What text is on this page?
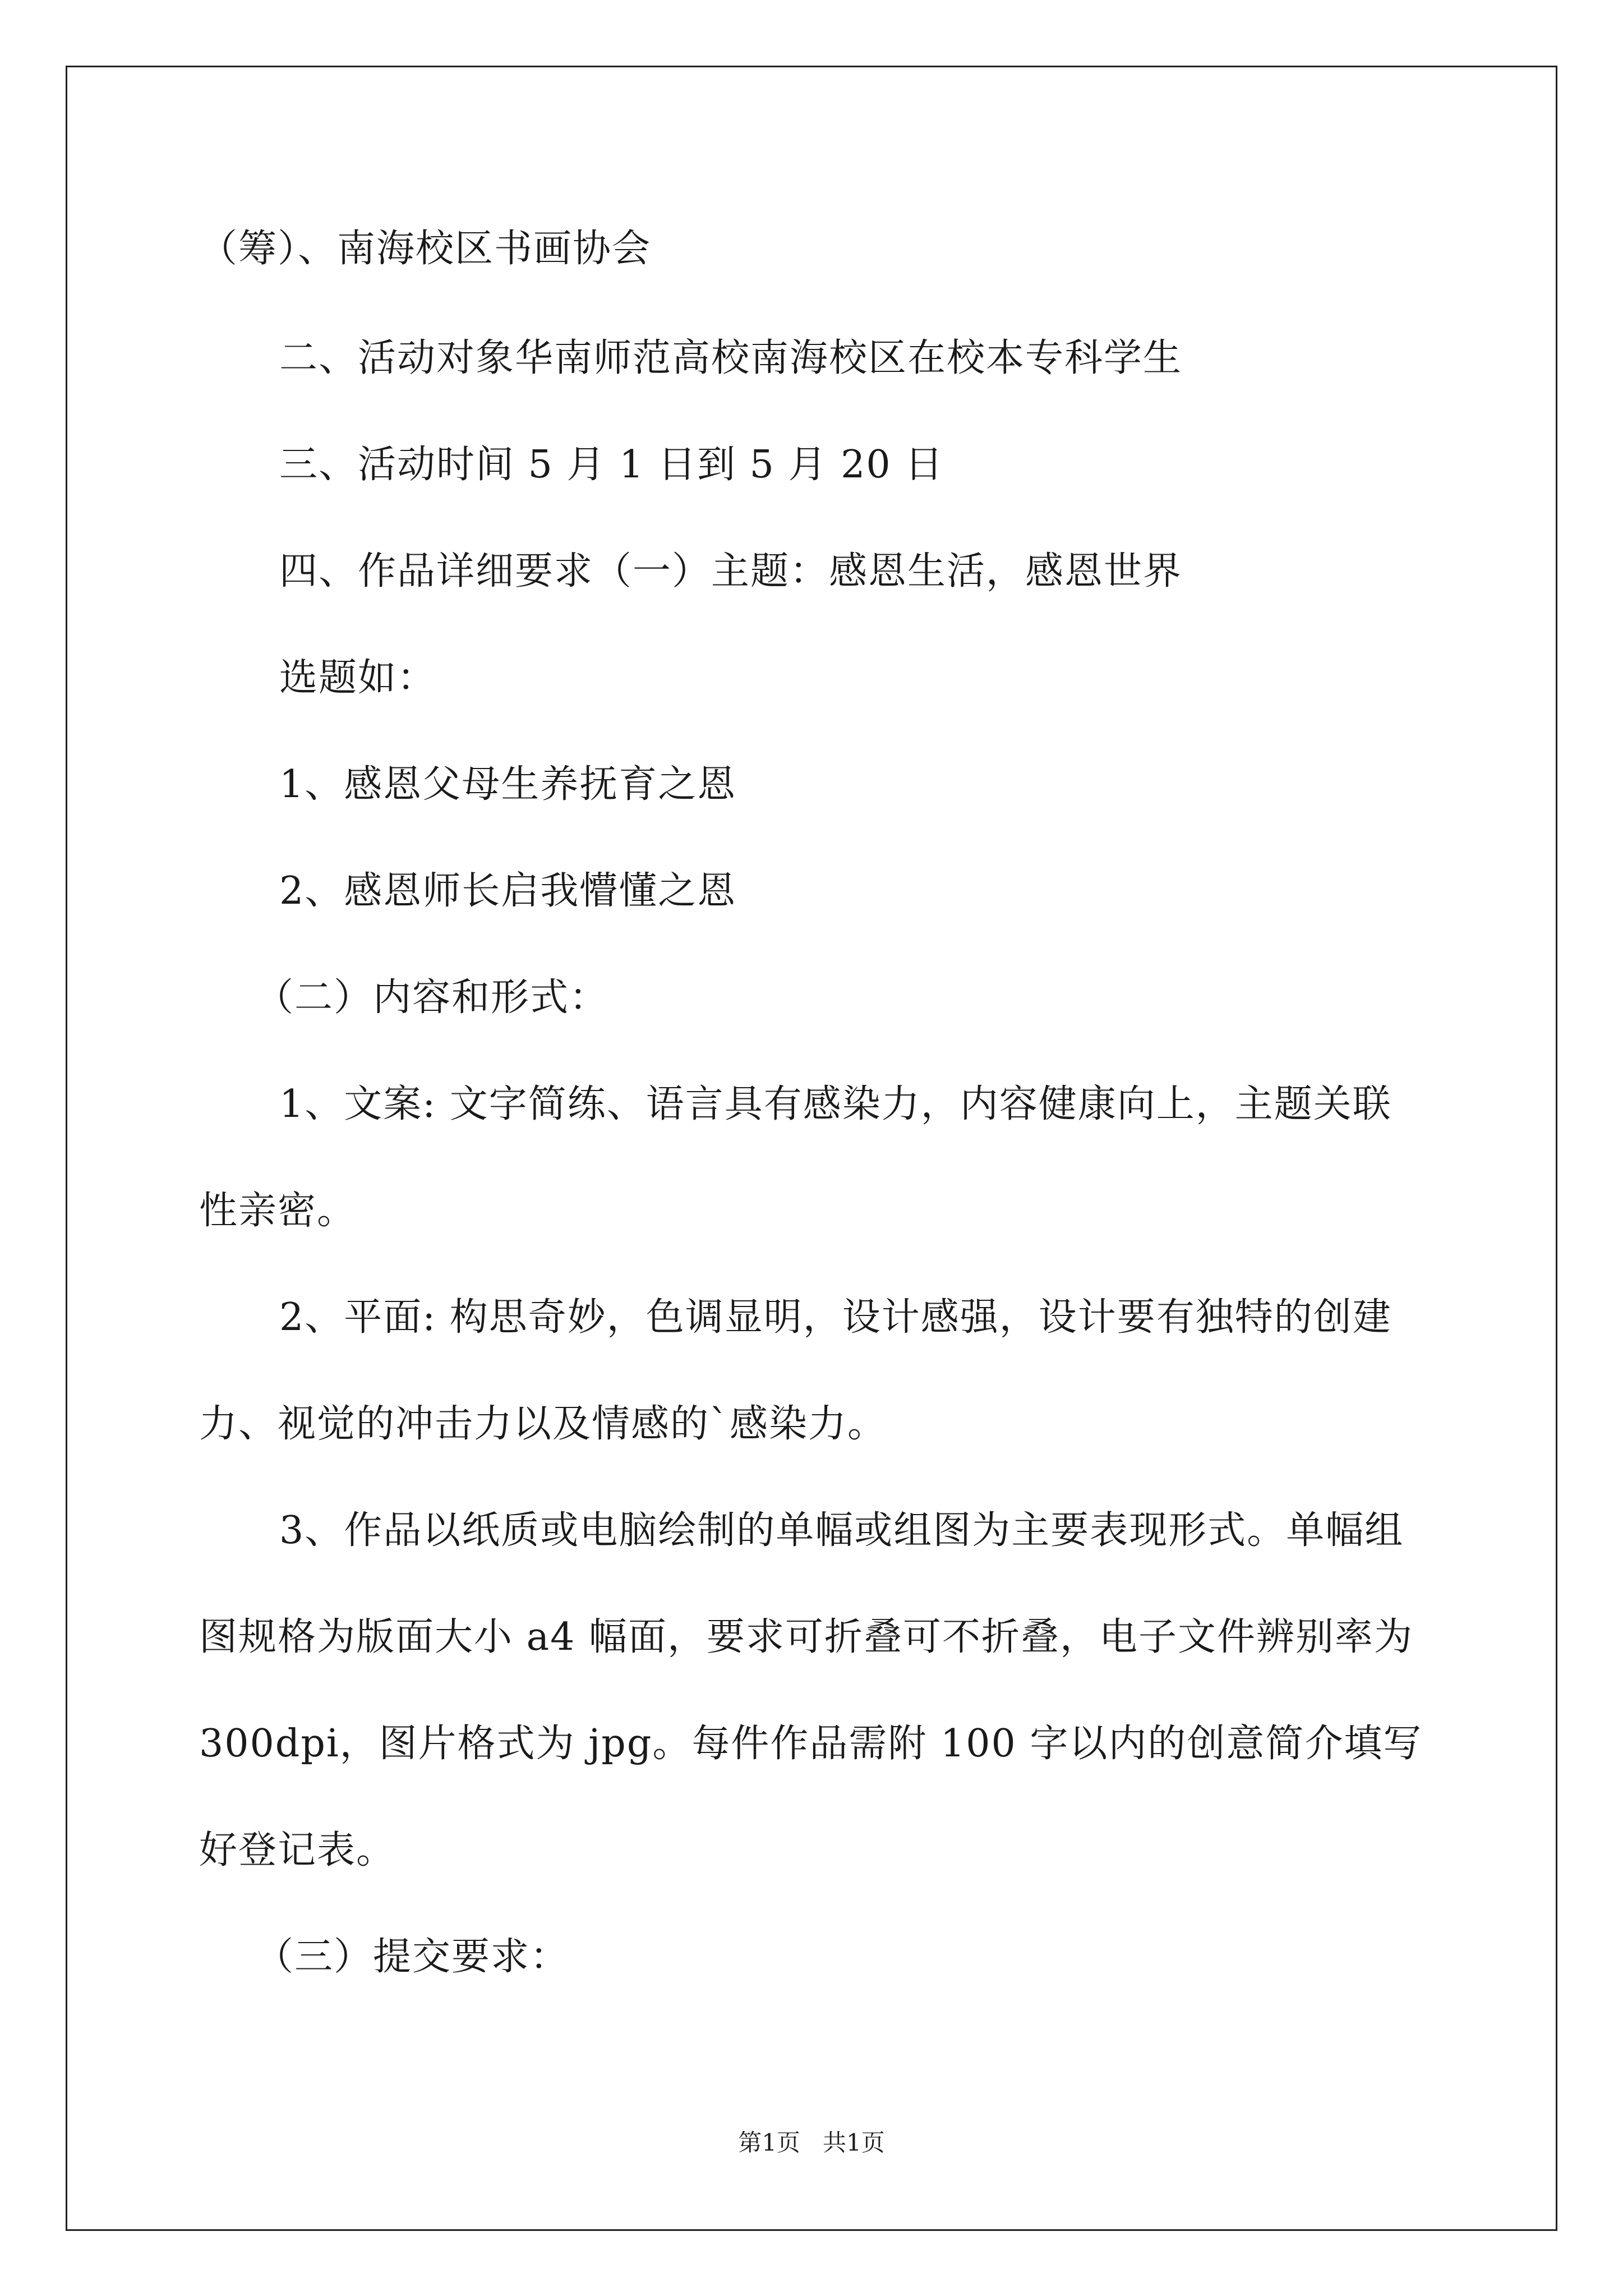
（筹）、南海校区书画协会
二、活动对象华南师范高校南海校区在校本专科学生
三、活动时间 5 月 1 日到 5 月 20 日
四、作品详细要求（一）主题：感恩生活，感恩世界
选题如：
1、感恩父母生养抚育之恩
2、感恩师长启我懵懂之恩
（二）内容和形式：
1、文案: 文字简练、语言具有感染力，内容健康向上，主题关联
性亲密。
2、平面: 构思奇妙，色调显明，设计感强，设计要有独特的创建
力、视觉的冲击力以及情感的`感染力。
3、作品以纸质或电脑绘制的单幅或组图为主要表现形式。单幅组
图规格为版面大小 a4 幅面，要求可折叠可不折叠，电子文件辨别率为
300dpi，图片格式为 jpg。每件作品需附 100 字以内的创意简介填写
好登记表。
（三）提交要求：
第1页   共1页
